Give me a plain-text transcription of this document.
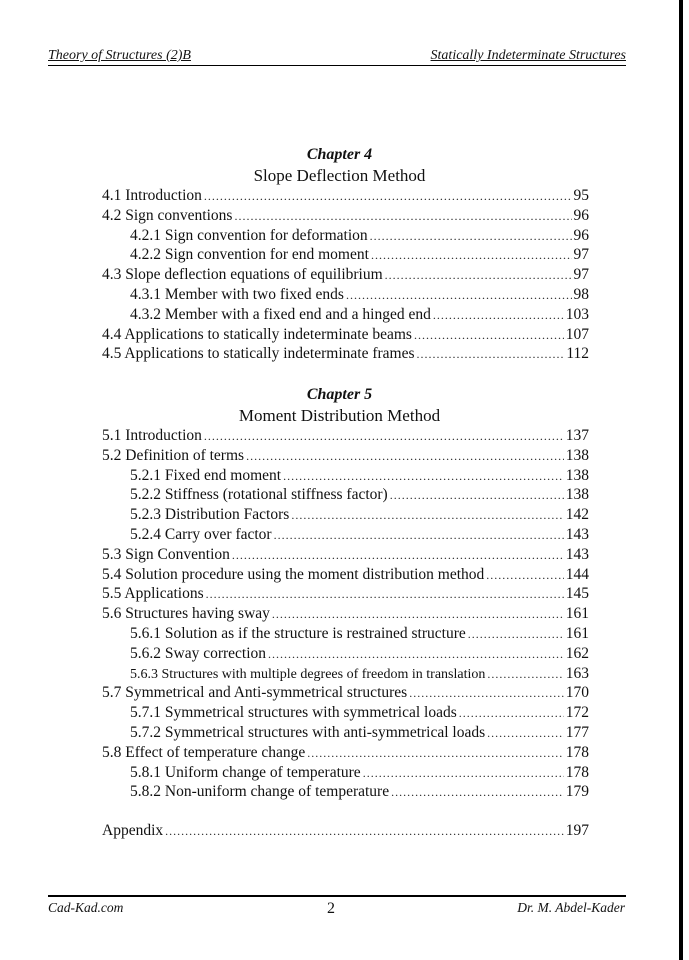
Theory of Structures (2)B	Statically Indeterminate Structures
Chapter 4
Slope Deflection Method
4.1 Introduction .....	95
4.2 Sign conventions .....	96
4.2.1 Sign convention for deformation .....	96
4.2.2 Sign convention for end moment .....	97
4.3 Slope deflection equations of equilibrium .....	97
4.3.1 Member with two fixed ends .....	98
4.3.2 Member with a fixed end and a hinged end .....	103
4.4 Applications to statically indeterminate beams .....	107
4.5 Applications to statically indeterminate frames .....	112
Chapter 5
Moment Distribution Method
5.1 Introduction .....	137
5.2 Definition of terms .....	138
5.2.1 Fixed end moment .....	138
5.2.2 Stiffness (rotational stiffness factor) .....	138
5.2.3 Distribution Factors .....	142
5.2.4 Carry over factor .....	143
5.3 Sign Convention .....	143
5.4 Solution procedure using the moment distribution method .....	144
5.5 Applications .....	145
5.6 Structures having sway .....	161
5.6.1 Solution as if the structure is restrained structure .....	161
5.6.2 Sway correction .....	162
5.6.3 Structures with multiple degrees of freedom in translation .....	163
5.7 Symmetrical and Anti-symmetrical structures .....	170
5.7.1 Symmetrical structures with symmetrical loads .....	172
5.7.2 Symmetrical structures with anti-symmetrical loads .....	177
5.8 Effect of temperature change .....	178
5.8.1 Uniform change of temperature .....	178
5.8.2 Non-uniform change of temperature .....	179
Appendix .....	197
Cad-Kad.com	2	Dr. M. Abdel-Kader
